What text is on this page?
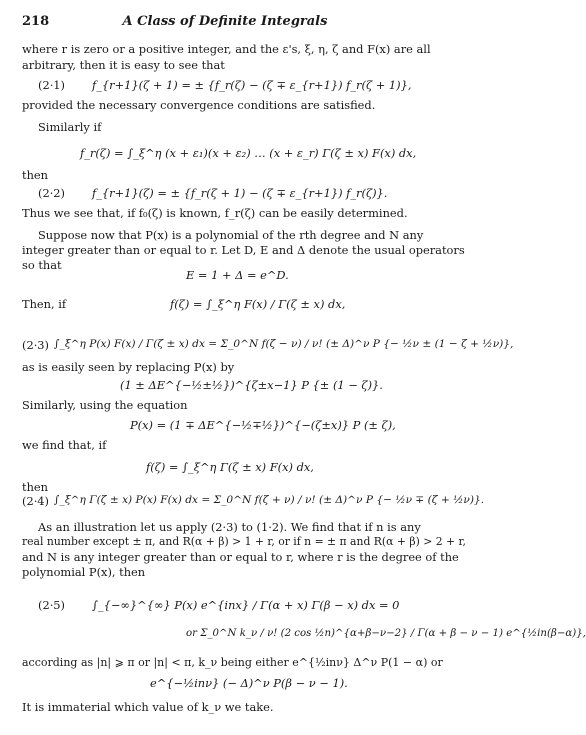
218	A Class of Definite Integrals
where r is zero or a positive integer, and the ε's, ξ, η, ζ and F(x) are all
arbitrary, then it is easy to see that
(2·1) f_{r+1}(ζ + 1) = ± {f_r(ζ) − (ζ ∓ ε_{r+1}) f_r(ζ + 1)},
provided the necessary convergence conditions are satisfied.
Similarly if
f_r(ζ) = ∫_ξ^η (x + ε₁)(x + ε₂) … (x + ε_r) Γ(ζ ± x) F(x) dx,
then
(2·2) f_{r+1}(ζ) = ± {f_r(ζ + 1) − (ζ ∓ ε_{r+1}) f_r(ζ)}.
Thus we see that, if f₀(ζ) is known, f_r(ζ) can be easily determined.
Suppose now that P(x) is a polynomial of the rth degree and N any
integer greater than or equal to r. Let D, E and Δ denote the usual operators
so that
E = 1 + Δ = e^D.
Then, if	f(ζ) = ∫_ξ^η F(x) / Γ(ζ ± x) dx,
(2·3) ∫_ξ^η P(x) F(x) / Γ(ζ ± x) dx = Σ_0^N f(ζ − ν) / ν! (± Δ)^ν P {− ½ν ± (1 − ζ + ½ν)},
as is easily seen by replacing P(x) by
(1 ± ΔE^{−½±½})^{ζ±x−1} P {± (1 − ζ)}.
Similarly, using the equation
P(x) = (1 ∓ ΔE^{−½∓½})^{−(ζ±x)} P (± ζ),
we find that, if
f(ζ) = ∫_ξ^η Γ(ζ ± x) F(x) dx,
then
(2·4) ∫_ξ^η Γ(ζ ± x) P(x) F(x) dx = Σ_0^N f(ζ + ν) / ν! (± Δ)^ν P {− ½ν ∓ (ζ + ½ν)}.
As an illustration let us apply (2·3) to (1·2). We find that if n is any
real number except ± π, and R(α + β) > 1 + r, or if n = ± π and R(α + β) > 2 + r,
and N is any integer greater than or equal to r, where r is the degree of the
polynomial P(x), then
(2·5) ∫_{−∞}^{∞} P(x) e^{inx} / Γ(α + x) Γ(β − x) dx = 0
or Σ_0^N k_ν / ν! (2 cos ½n)^{α+β−ν−2} / Γ(α + β − ν − 1) e^{½in(β−α)},
according as |n| ⩾ π or |n| < π, k_ν being either e^{½inν} Δ^ν P(1 − α) or
e^{−½inν} (− Δ)^ν P(β − ν − 1).
It is immaterial which value of k_ν we take.
